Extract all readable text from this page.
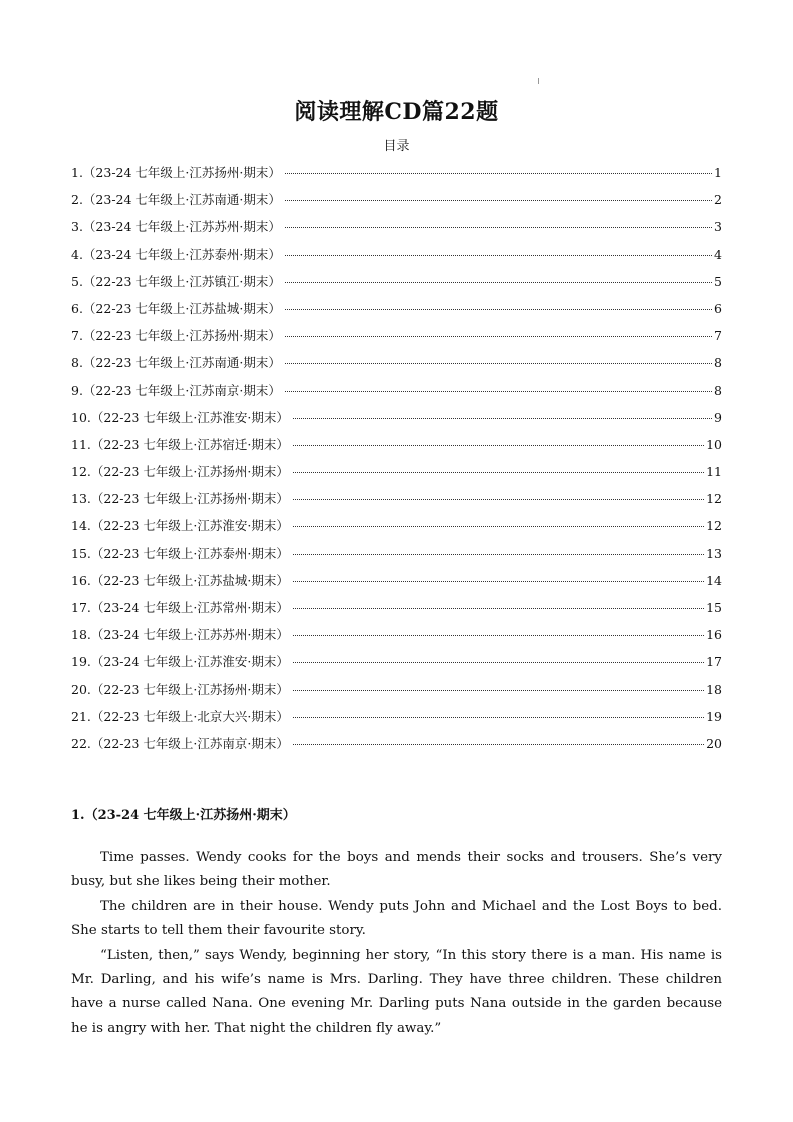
阅读理解CD篇22题
目录
1.（23-24 七年级上·江苏扬州·期末）	1
2.（23-24 七年级上·江苏南通·期末）	2
3.（23-24 七年级上·江苏苏州·期末）	3
4.（23-24 七年级上·江苏泰州·期末）	4
5.（22-23 七年级上·江苏镇江·期末）	5
6.（22-23 七年级上·江苏盐城·期末）	6
7.（22-23 七年级上·江苏扬州·期末）	7
8.（22-23 七年级上·江苏南通·期末）	8
9.（22-23 七年级上·江苏南京·期末）	8
10.（22-23 七年级上·江苏淮安·期末）	9
11.（22-23 七年级上·江苏宿迁·期末）	10
12.（22-23 七年级上·江苏扬州·期末）	11
13.（22-23 七年级上·江苏扬州·期末）	12
14.（22-23 七年级上·江苏淮安·期末）	12
15.（22-23 七年级上·江苏泰州·期末）	13
16.（22-23 七年级上·江苏盐城·期末）	14
17.（23-24 七年级上·江苏常州·期末）	15
18.（23-24 七年级上·江苏苏州·期末）	16
19.（23-24 七年级上·江苏淮安·期末）	17
20.（22-23 七年级上·江苏扬州·期末）	18
21.（22-23 七年级上·北京大兴·期末）	19
22.（22-23 七年级上·江苏南京·期末）	20
1.（23-24 七年级上·江苏扬州·期末）

Time passes. Wendy cooks for the boys and mends their socks and trousers. She’s very busy, but she likes being their mother.

The children are in their house. Wendy puts John and Michael and the Lost Boys to bed. She starts to tell them their favourite story.

“Listen, then,” says Wendy, beginning her story, “In this story there is a man. His name is Mr. Darling, and his wife’s name is Mrs. Darling. They have three children. These children have a nurse called Nana. One evening Mr. Darling puts Nana outside in the garden because he is angry with her. That night the children fly away.”
